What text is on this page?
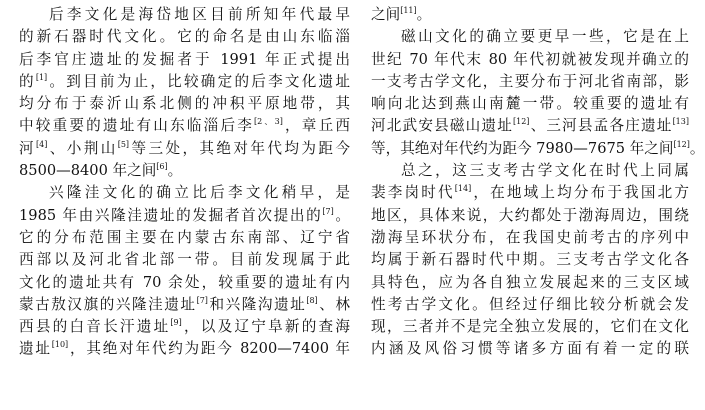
后李文化是海岱地区目前所知年代最早
的新石器时代文化。它的命名是由山东临淄
后李官庄遗址的发掘者于 1991 年正式提出
的[1]。到目前为止，比较确定的后李文化遗址
均分布于泰沂山系北侧的冲积平原地带，其
中较重要的遗址有山东临淄后李[2、3]，章丘西
河[4]、小荆山[5]等三处，其绝对年代均为距今
8500—8400 年之间[6]。
兴隆洼文化的确立比后李文化稍早，是
1985 年由兴隆洼遗址的发掘者首次提出的[7]。
它的分布范围主要在内蒙古东南部、辽宁省
西部以及河北省北部一带。目前发现属于此
文化的遗址共有 70 余处，较重要的遗址有内
蒙古敖汉旗的兴隆洼遗址[7]和兴隆沟遗址[8]、林
西县的白音长汗遗址[9]，以及辽宁阜新的查海
遗址[10]，其绝对年代约为距今 8200—7400 年
之间[11]。
磁山文化的确立要更早一些，它是在上
世纪 70 年代末 80 年代初就被发现并确立的
一支考古学文化，主要分布于河北省南部，影
响向北达到燕山南麓一带。较重要的遗址有
河北武安县磁山遗址[12]、三河县孟各庄遗址[13]
等，其绝对年代约为距今 7980—7675 年之间[12]。
总之，这三支考古学文化在时代上同属
裴李岗时代[14]，在地域上均分布于我国北方
地区，具体来说，大约都处于渤海周边，围绕
渤海呈环状分布，在我国史前考古的序列中
均属于新石器时代中期。三支考古学文化各
具特色，应为各自独立发展起来的三支区域
性考古学文化。但经过仔细比较分析就会发
现，三者并不是完全独立发展的，它们在文化
内涵及风俗习惯等诸多方面有着一定的联
